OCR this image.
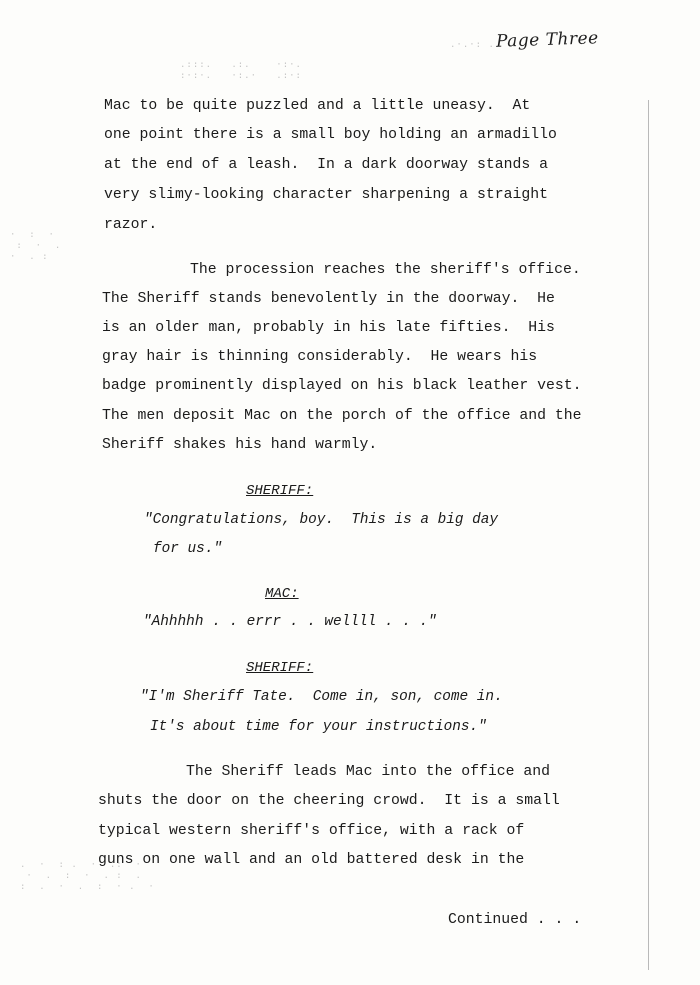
.·.·: ..
.:::.   .:.    ·:·.
:·:·.   ·:.·   .:·:
·  :  ·
:  ·  .
·  . :
.  ·  : .  ·  .:  ·
·  .  :  ·  . :  .
:  .  ·  .  :  · .  ·
Page Three
Mac to be quite puzzled and a little uneasy.  At
one point there is a small boy holding an armadillo
at the end of a leash.  In a dark doorway stands a
very slimy-looking character sharpening a straight
razor.
The procession reaches the sheriff's office.
The Sheriff stands benevolently in the doorway.  He
is an older man, probably in his late fifties.  His
gray hair is thinning considerably.  He wears his
badge prominently displayed on his black leather vest.
The men deposit Mac on the porch of the office and the
Sheriff shakes his hand warmly.
SHERIFF:
"Congratulations, boy.  This is a big day
for us."
MAC:
"Ahhhhh . . errr . . wellll . . ."
SHERIFF:
"I'm Sheriff Tate.  Come in, son, come in.
It's about time for your instructions."
The Sheriff leads Mac into the office and
shuts the door on the cheering crowd.  It is a small
typical western sheriff's office, with a rack of
guns on one wall and an old battered desk in the
Continued . . .
